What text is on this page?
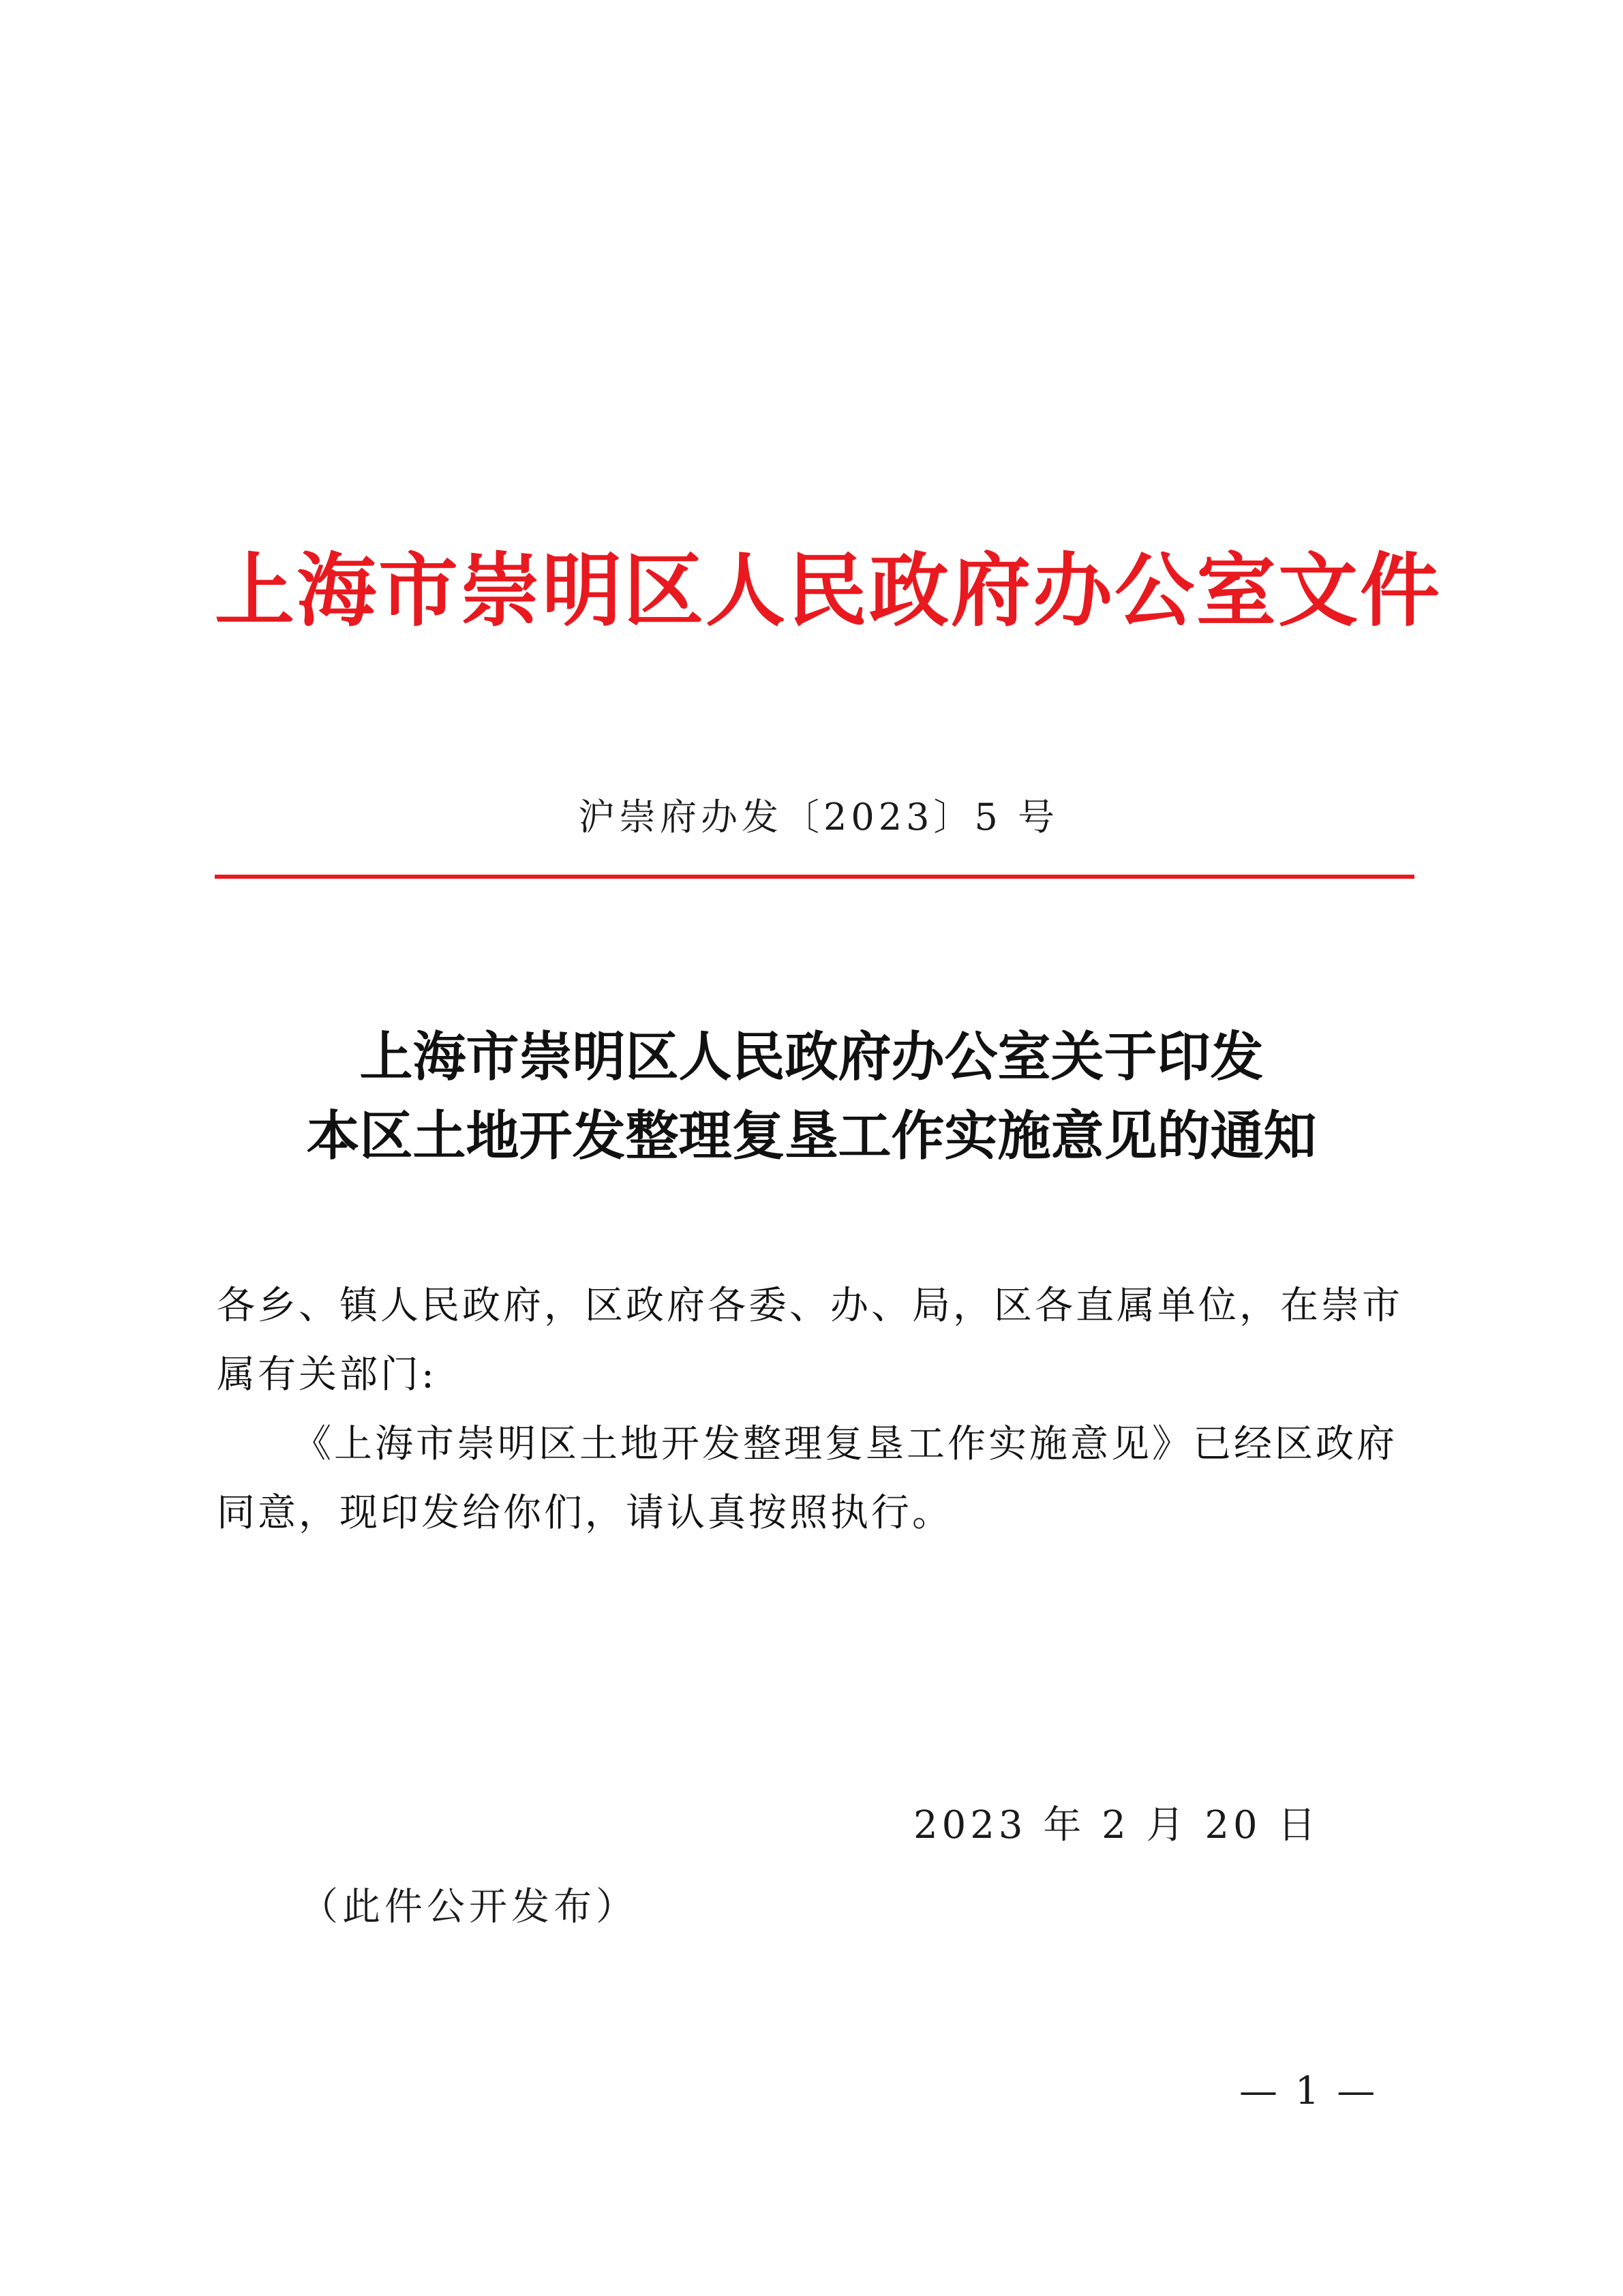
上海市崇明区人民政府办公室文件
沪崇府办发〔2023〕5 号
上海市崇明区人民政府办公室关于印发
本区土地开发整理复垦工作实施意见的通知
各乡、镇人民政府，区政府各委、办、局，区各直属单位，在崇市属有关部门:
《上海市崇明区土地开发整理复垦工作实施意见》已经区政府同意，现印发给你们，请认真按照执行。
2023 年 2 月 20 日
（此件公开发布）
— 1 —
